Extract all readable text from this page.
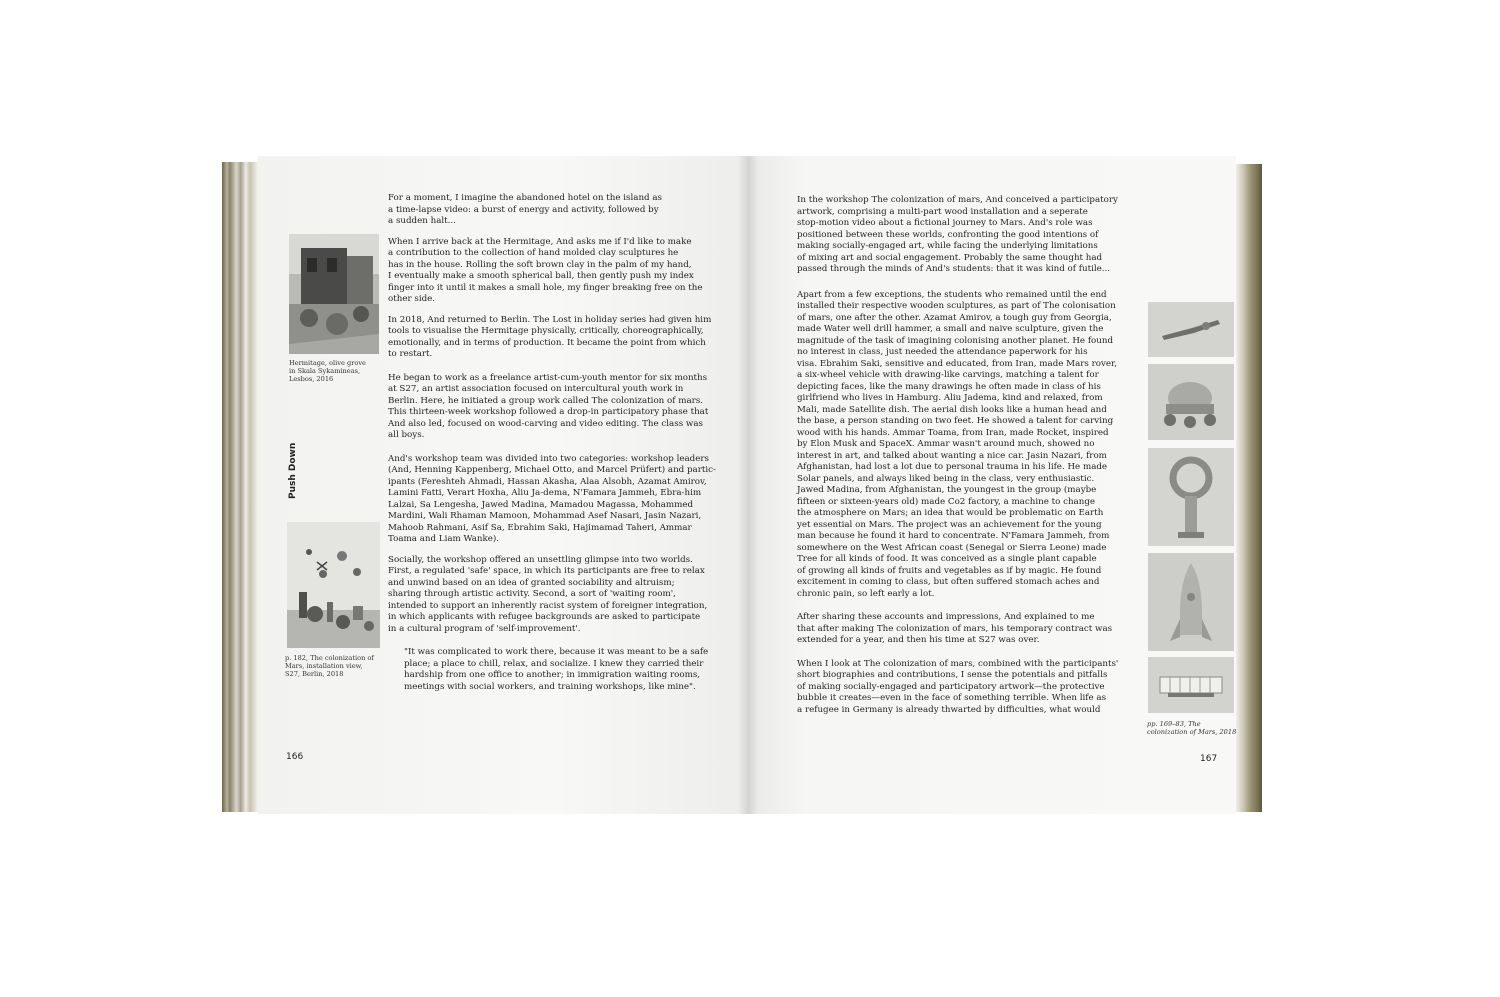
Hermitage, olive grove
in Skala Sykamineas,
Lesbos, 2016
p. 182, The colonization of
Mars, installation view,
S27, Berlin, 2018
Push Down

For a moment, I imagine the abandoned hotel on the island as
a time-lapse video: a burst of energy and activity, followed by
a sudden halt...

When I arrive back at the Hermitage, And asks me if I'd like to make
a contribution to the collection of hand molded clay sculptures he
has in the house. Rolling the soft brown clay in the palm of my hand,
I eventually make a smooth spherical ball, then gently push my index
finger into it until it makes a small hole, my finger breaking free on the
other side.

In 2018, And returned to Berlin. The Lost in holiday series had given him
tools to visualise the Hermitage physically, critically, choreographically,
emotionally, and in terms of production. It became the point from which
to restart.

He began to work as a freelance artist-cum-youth mentor for six months
at S27, an artist association focused on intercultural youth work in
Berlin. Here, he initiated a group work called The colonization of mars.
This thirteen-week workshop followed a drop-in participatory phase that
And also led, focused on wood-carving and video editing. The class was
all boys.

And's workshop team was divided into two categories: workshop leaders
(And, Henning Kappenberg, Michael Otto, and Marcel Prüfert) and partic-
ipants (Fereshteh Ahmadi, Hassan Akasha, Alaa Alsobh, Azamat Amirov,
Lamini Fatti, Verart Hoxha, Aliu Ja-dema, N'Famara Jammeh, Ebra-him
Lalzai, Sa Lengesha, Jawed Madina, Mamadou Magassa, Mohammed
Mardini, Wali Rhaman Mamoon, Mohammad Asef Nasari, Jasin Nazari,
Mahoob Rahmani, Asif Sa, Ebrahim Saki, Hajimamad Taheri, Ammar
Toama and Liam Wanke).

Socially, the workshop offered an unsettling glimpse into two worlds.
First, a regulated 'safe' space, in which its participants are free to relax
and unwind based on an idea of granted sociability and altruism;
sharing through artistic activity. Second, a sort of 'waiting room',
intended to support an inherently racist system of foreigner integration,
in which applicants with refugee backgrounds are asked to participate
in a cultural program of 'self-improvement'.

"It was complicated to work there, because it was meant to be a safe
place; a place to chill, relax, and socialize. I knew they carried their
hardship from one office to another; in immigration waiting rooms,
meetings with social workers, and training workshops, like mine".

166

In the workshop The colonization of mars, And conceived a participatory
artwork, comprising a multi-part wood installation and a seperate
stop-motion video about a fictional journey to Mars. And's role was
positioned between these worlds, confronting the good intentions of
making socially-engaged art, while facing the underlying limitations
of mixing art and social engagement. Probably the same thought had
passed through the minds of And's students: that it was kind of futile...

Apart from a few exceptions, the students who remained until the end
installed their respective wooden sculptures, as part of The colonisation
of mars, one after the other. Azamat Amirov, a tough guy from Georgia,
made Water well drill hammer, a small and naive sculpture, given the
magnitude of the task of imagining colonising another planet. He found
no interest in class, just needed the attendance paperwork for his
visa. Ebrahim Saki, sensitive and educated, from Iran, made Mars rover,
a six-wheel vehicle with drawing-like carvings, matching a talent for
depicting faces, like the many drawings he often made in class of his
girlfriend who lives in Hamburg. Aliu Jadema, kind and relaxed, from
Mali, made Satellite dish. The aerial dish looks like a human head and
the base, a person standing on two feet. He showed a talent for carving
wood with his hands. Ammar Toama, from Iran, made Rocket, inspired
by Elon Musk and SpaceX. Ammar wasn't around much, showed no
interest in art, and talked about wanting a nice car. Jasin Nazari, from
Afghanistan, had lost a lot due to personal trauma in his life. He made
Solar panels, and always liked being in the class, very enthusiastic.
Jawed Madina, from Afghanistan, the youngest in the group (maybe
fifteen or sixteen-years old) made Co2 factory, a machine to change
the atmosphere on Mars; an idea that would be problematic on Earth
yet essential on Mars. The project was an achievement for the young
man because he found it hard to concentrate. N'Famara Jammeh, from
somewhere on the West African coast (Senegal or Sierra Leone) made
Tree for all kinds of food. It was conceived as a single plant capable
of growing all kinds of fruits and vegetables as if by magic. He found
excitement in coming to class, but often suffered stomach aches and
chronic pain, so left early a lot.

After sharing these accounts and impressions, And explained to me
that after making The colonization of mars, his temporary contract was
extended for a year, and then his time at S27 was over.

When I look at The colonization of mars, combined with the participants'
short biographies and contributions, I sense the potentials and pitfalls
of making socially-engaged and participatory artwork—the protective
bubble it creates—even in the face of something terrible. When life as
a refugee in Germany is already thwarted by difficulties, what would

pp. 169–83, The
colonization of Mars, 2018
167
